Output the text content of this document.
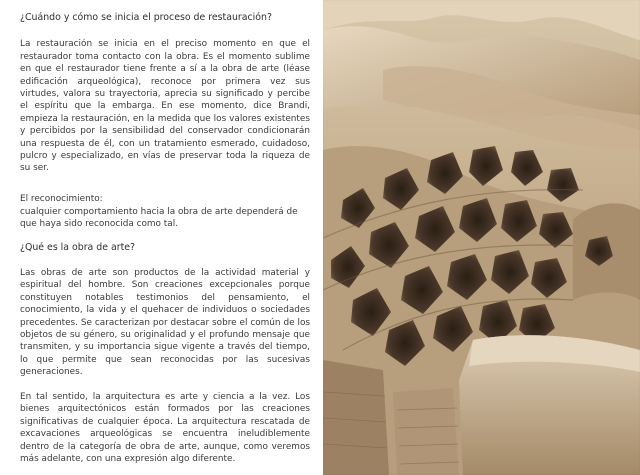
¿Cuándo y cómo se inicia el proceso de restauración?

La restauración se inicia en el preciso momento en que el restaurador toma contacto con la obra. Es el momento sublime en que el restaurador tiene frente a sí a la obra de arte (léase edificación arqueológica), reconoce por primera vez sus virtudes, valora su trayectoria, aprecia su significado y percibe el espíritu que la embarga. En ese momento, dice Brandi, empieza la restauración, en la medida que los valores existentes y percibidos por la sensibilidad del conservador condicionarán una respuesta de él, con un tratamiento esmerado, cuidadoso, pulcro y especializado, en vías de preservar toda la riqueza de su ser.

El reconocimiento:
cualquier comportamiento hacia la obra de arte dependerá de que haya sido reconocida como tal.

¿Qué es la obra de arte?

Las obras de arte son productos de la actividad material y espiritual del hombre. Son creaciones excepcionales porque constituyen notables testimonios del pensamiento, el conocimiento, la vida y el quehacer de individuos o sociedades precedentes. Se caracterizan por destacar sobre el común de los objetos de su género, su originalidad y el profundo mensaje que transmiten, y su importancia sigue vigente a través del tiempo, lo que permite que sean reconocidas por las sucesivas generaciones.

En tal sentido, la arquitectura es arte y ciencia a la vez. Los bienes arquitectónicos están formados por las creaciones significativas de cualquier época. La arquitectura rescatada de excavaciones arqueológicas se encuentra ineludiblemente dentro de la categoría de obra de arte, aunque, como veremos más adelante, con una expresión algo diferente.
